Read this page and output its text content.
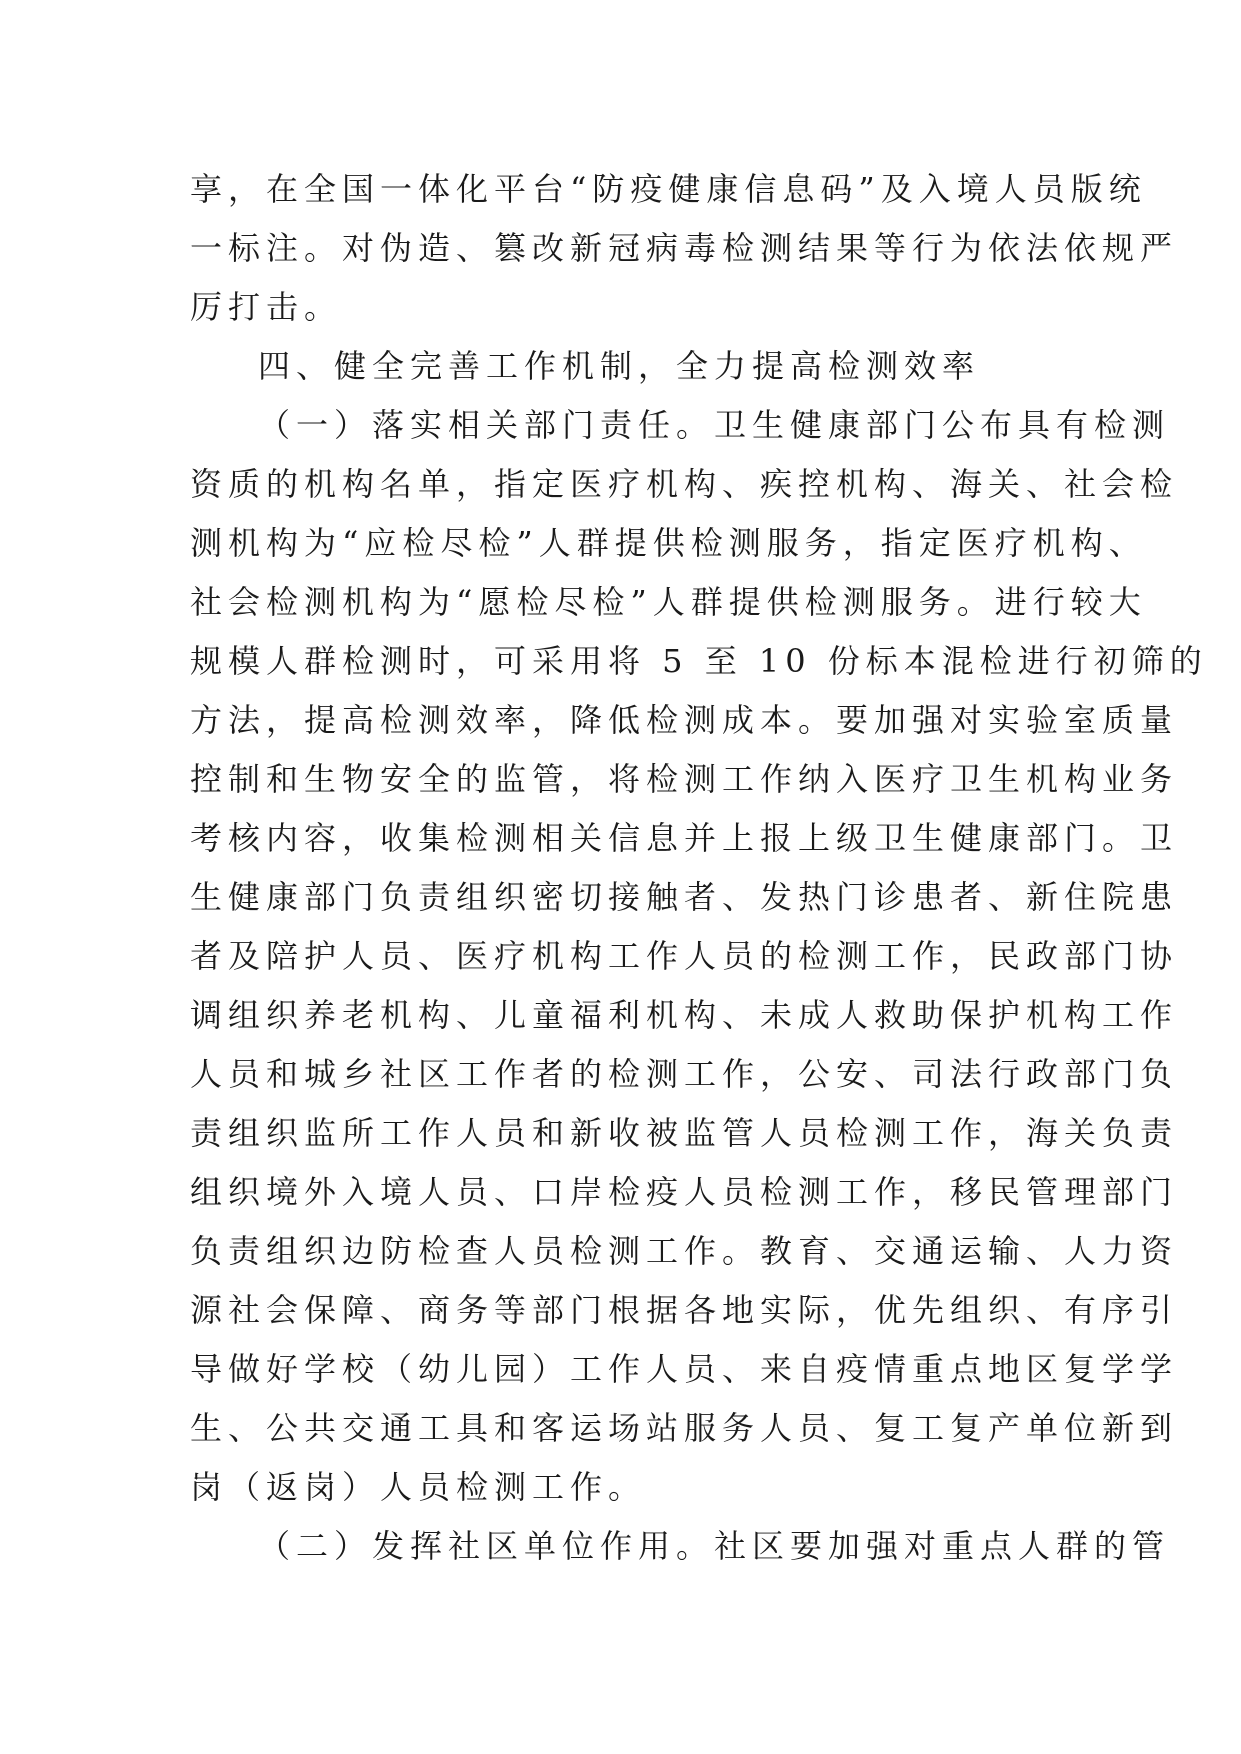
享，在全国一体化平台“防疫健康信息码”及入境人员版统
一标注。对伪造、篡改新冠病毒检测结果等行为依法依规严
厉打击。
四、健全完善工作机制，全力提高检测效率
（一）落实相关部门责任。卫生健康部门公布具有检测
资质的机构名单，指定医疗机构、疾控机构、海关、社会检
测机构为“应检尽检”人群提供检测服务，指定医疗机构、
社会检测机构为“愿检尽检”人群提供检测服务。进行较大
规模人群检测时，可采用将 5 至 10 份标本混检进行初筛的
方法，提高检测效率，降低检测成本。要加强对实验室质量
控制和生物安全的监管，将检测工作纳入医疗卫生机构业务
考核内容，收集检测相关信息并上报上级卫生健康部门。卫
生健康部门负责组织密切接触者、发热门诊患者、新住院患
者及陪护人员、医疗机构工作人员的检测工作，民政部门协
调组织养老机构、儿童福利机构、未成人救助保护机构工作
人员和城乡社区工作者的检测工作，公安、司法行政部门负
责组织监所工作人员和新收被监管人员检测工作，海关负责
组织境外入境人员、口岸检疫人员检测工作，移民管理部门
负责组织边防检查人员检测工作。教育、交通运输、人力资
源社会保障、商务等部门根据各地实际，优先组织、有序引
导做好学校（幼儿园）工作人员、来自疫情重点地区复学学
生、公共交通工具和客运场站服务人员、复工复产单位新到
岗（返岗）人员检测工作。
（二）发挥社区单位作用。社区要加强对重点人群的管
